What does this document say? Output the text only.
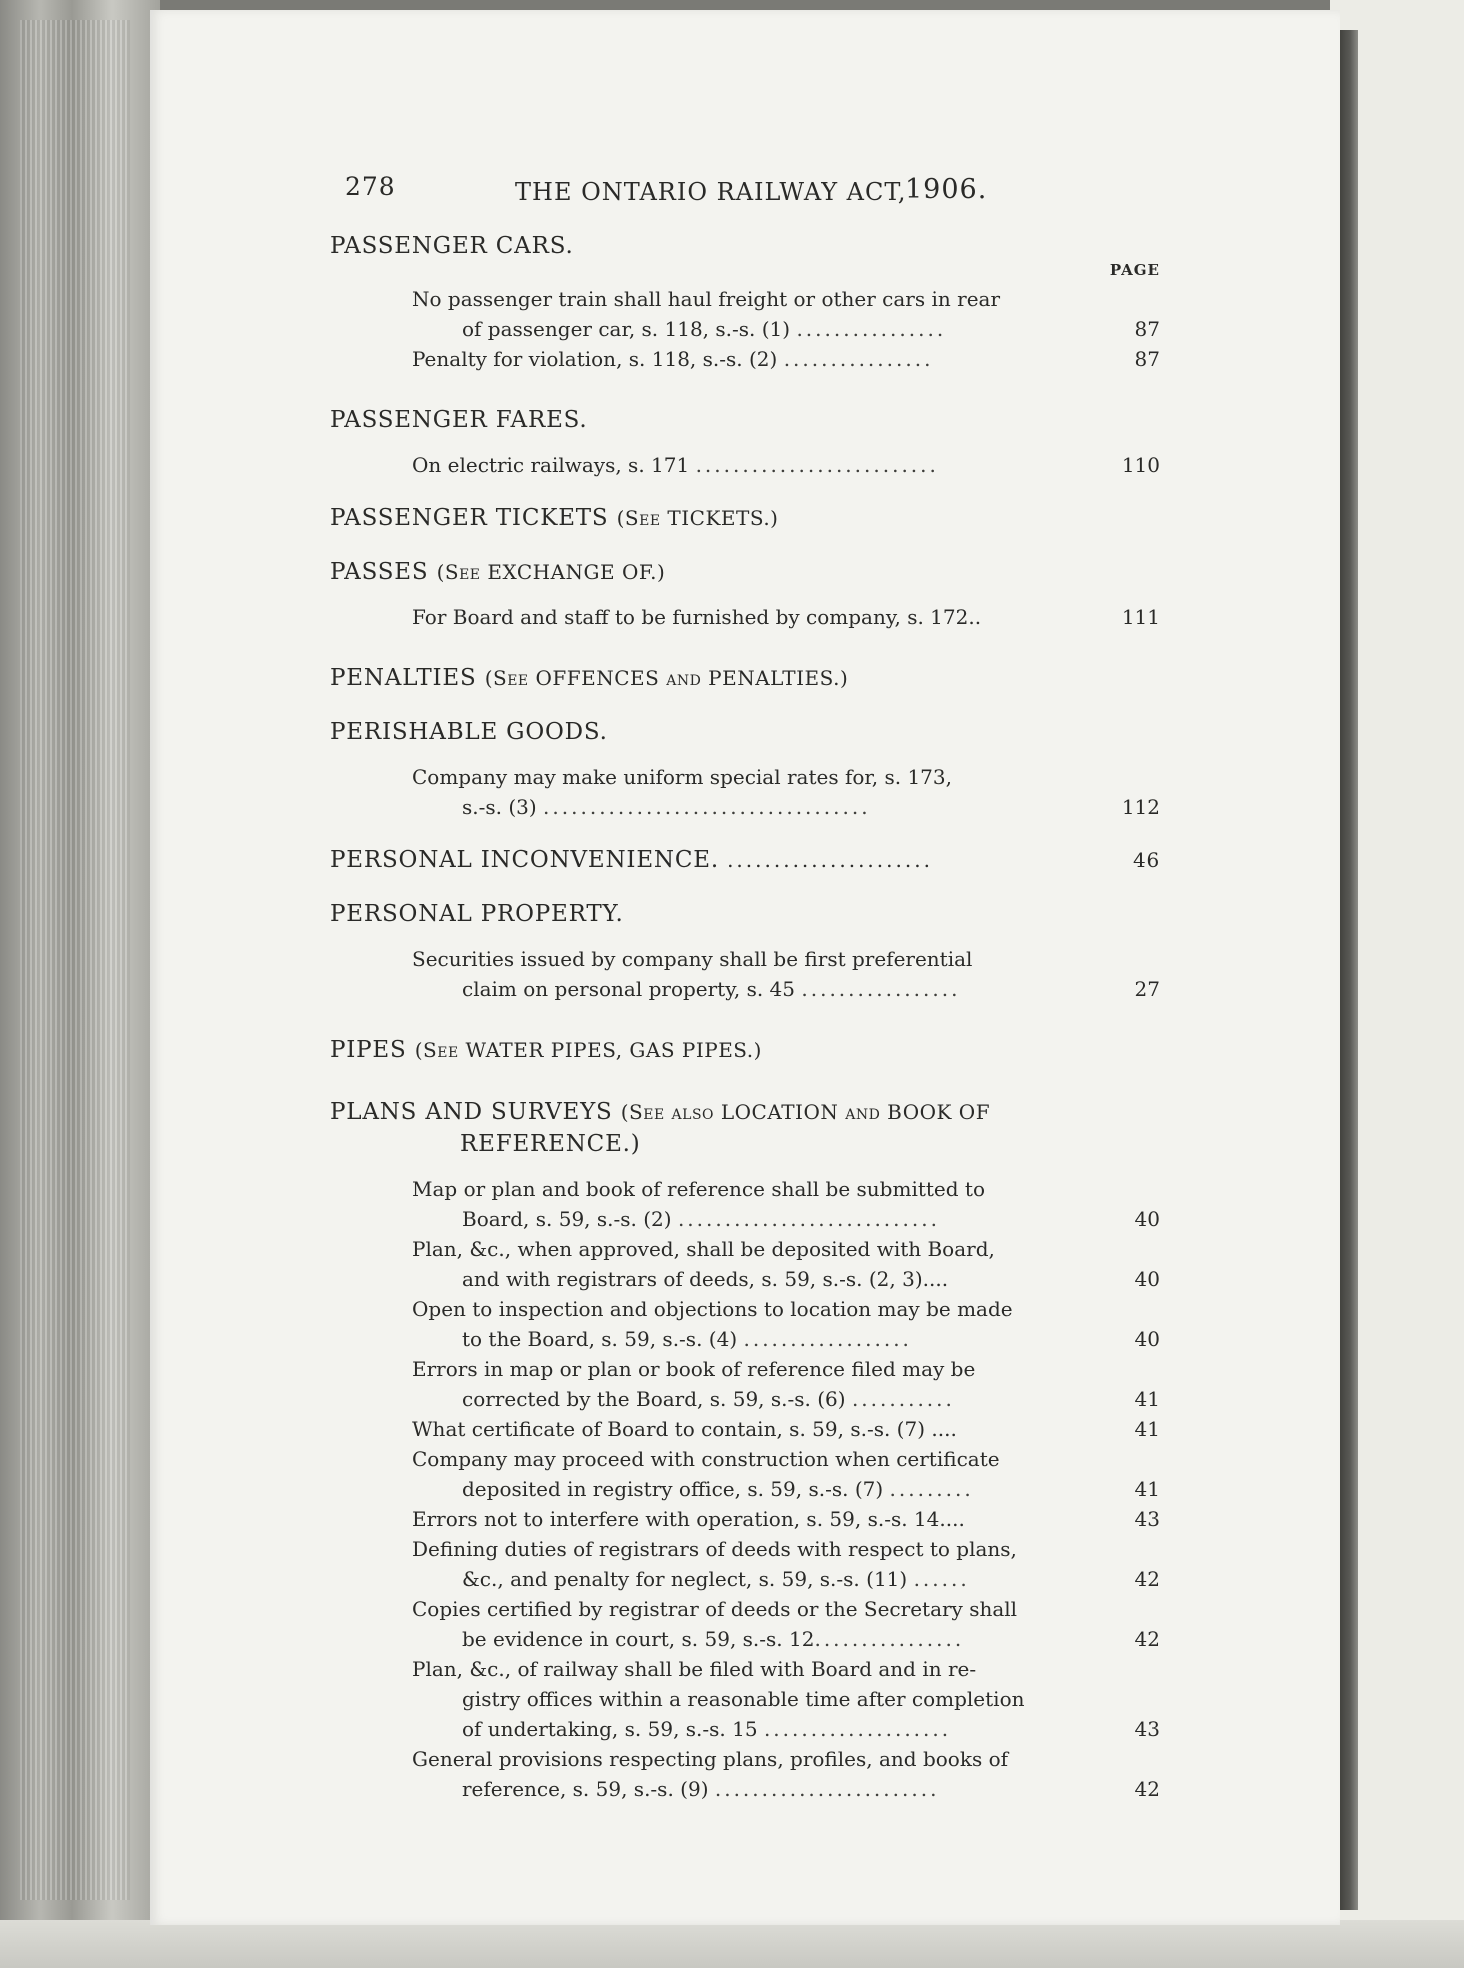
278	THE ONTARIO RAILWAY ACT,
1906.
PASSENGER CARS.
PAGE
No passenger train shall haul freight or other cars in rear
of passenger car, s. 118, s.-s. (1) ................	87
Penalty for violation, s. 118, s.-s. (2) ................	87
PASSENGER FARES.
On electric railways, s. 171 ..........................	110
PASSENGER TICKETS (See TICKETS.)
PASSES (See EXCHANGE OF.)
For Board and staff to be furnished by company, s. 172..	111
PENALTIES (See OFFENCES and PENALTIES.)
PERISHABLE GOODS.
Company may make uniform special rates for, s. 173,
s.-s. (3) ...................................	112
PERSONAL INCONVENIENCE. ......................	46
PERSONAL PROPERTY.
Securities issued by company shall be first preferential
claim on personal property, s. 45 .................	27
PIPES (See WATER PIPES, GAS PIPES.)
PLANS AND SURVEYS (See also LOCATION and BOOK OF
REFERENCE.)
Map or plan and book of reference shall be submitted to
Board, s. 59, s.-s. (2) ............................	40
Plan, &c., when approved, shall be deposited with Board,
and with registrars of deeds, s. 59, s.-s. (2, 3)....	40
Open to inspection and objections to location may be made
to the Board, s. 59, s.-s. (4) ..................	40
Errors in map or plan or book of reference filed may be
corrected by the Board, s. 59, s.-s. (6) ...........	41
What certificate of Board to contain, s. 59, s.-s. (7) ....	41
Company may proceed with construction when certificate
deposited in registry office, s. 59, s.-s. (7) .........	41
Errors not to interfere with operation, s. 59, s.-s. 14....	43
Defining duties of registrars of deeds with respect to plans,
&c., and penalty for neglect, s. 59, s.-s. (11) ......	42
Copies certified by registrar of deeds or the Secretary shall
be evidence in court, s. 59, s.-s. 12................	42
Plan, &c., of railway shall be filed with Board and in re-
gistry offices within a reasonable time after completion
of undertaking, s. 59, s.-s. 15 ....................	43
General provisions respecting plans, profiles, and books of
reference, s. 59, s.-s. (9) ........................	42
